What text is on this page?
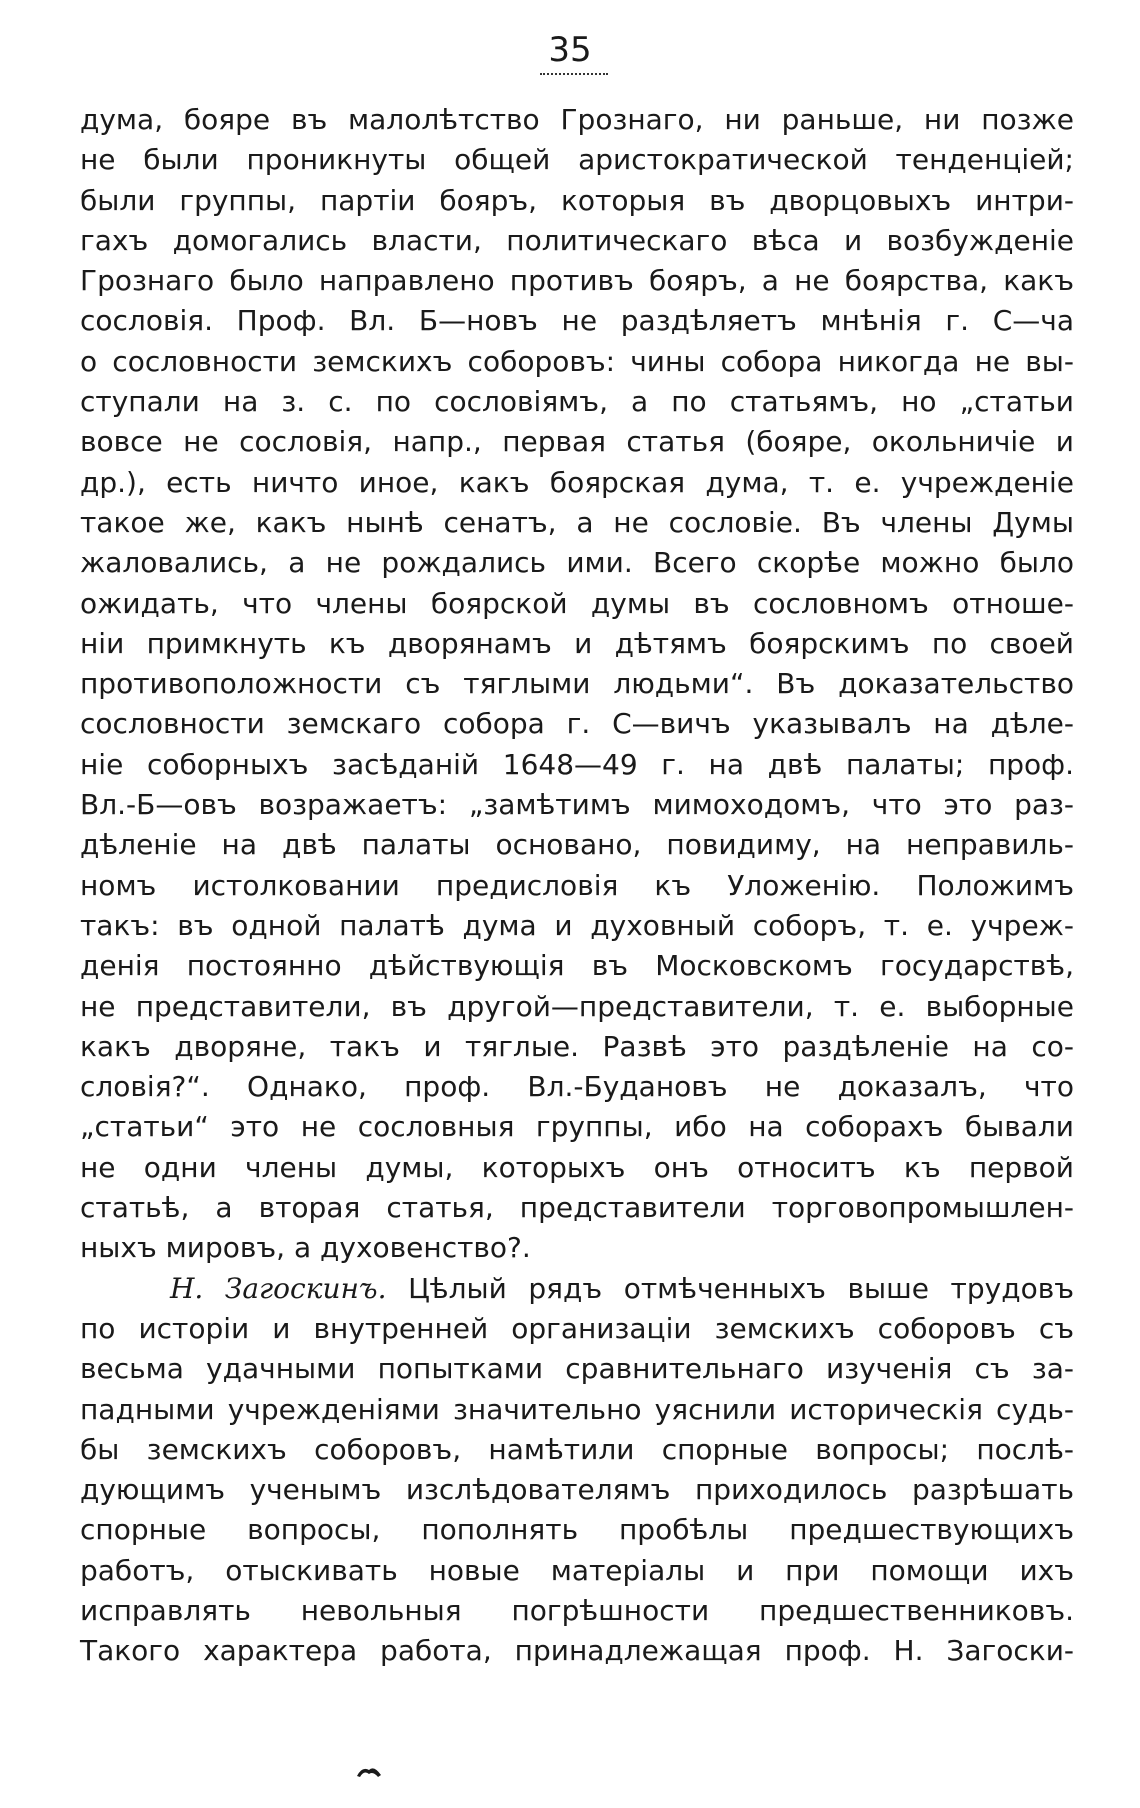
35
дума, бояре въ малолѣтство Грознаго, ни раньше, ни позже
не были проникнуты общей аристократической тенденцiей;
были группы, партiи бояръ, которыя въ дворцовыхъ интри-
гахъ домогались власти, политическаго вѣса и возбужденiе
Грознаго было направлено противъ бояръ, а не боярства, какъ
сословiя. Проф. Вл. Б—новъ не раздѣляетъ мнѣнiя г. С—ча
о сословности земскихъ соборовъ: чины собора никогда не вы-
ступали на з. с. по сословiямъ, а по статьямъ, но „статьи
вовсе не сословiя, напр., первая статья (бояре, окольничiе и
др.), есть ничто иное, какъ боярская дума, т. е. учрежденiе
такое же, какъ нынѣ сенатъ, а не сословiе. Въ члены Думы
жаловались, а не рождались ими. Всего скорѣе можно было
ожидать, что члены боярской думы въ сословномъ отноше-
нiи примкнуть къ дворянамъ и дѣтямъ боярскимъ по своей
противоположности съ тяглыми людьми“. Въ доказательство
сословности земскаго собора г. С—вичъ указывалъ на дѣле-
нiе соборныхъ засѣданiй 1648—49 г. на двѣ палаты; проф.
Вл.-Б—овъ возражаетъ: „замѣтимъ мимоходомъ, что это раз-
дѣленiе на двѣ палаты основано, повидиму, на неправиль-
номъ истолковании предисловiя къ Уложенiю. Положимъ
такъ: въ одной палатѣ дума и духовный соборъ, т. е. учреж-
денiя постоянно дѣйствующiя въ Московскомъ государствѣ,
не представители, въ другой—представители, т. е. выборные
какъ дворяне, такъ и тяглые. Развѣ это раздѣленiе на со-
словiя?“. Однако, проф. Вл.-Будановъ не доказалъ, что
„статьи“ это не сословныя группы, ибо на соборахъ бывали
не одни члены думы, которыхъ онъ относитъ къ первой
статьѣ, а вторая статья, представители торговопромышлен-
ныхъ мировъ, а духовенство?.
Н. Загоскинъ. Цѣлый рядъ отмѣченныхъ выше трудовъ
по исторiи и внутренней организацiи земскихъ соборовъ съ
весьма удачными попытками сравнительнаго изученiя съ за-
падными учрежденiями значительно уяснили историческiя судь-
бы земскихъ соборовъ, намѣтили спорные вопросы; послѣ-
дующимъ ученымъ изслѣдователямъ приходилось разрѣшать
спорные вопросы, пополнять пробѣлы предшествующихъ
работъ, отыскивать новые матерiалы и при помощи ихъ
исправлять невольныя погрѣшности предшественниковъ.
Такого характера работа, принадлежащая проф. Н. Загоски-
